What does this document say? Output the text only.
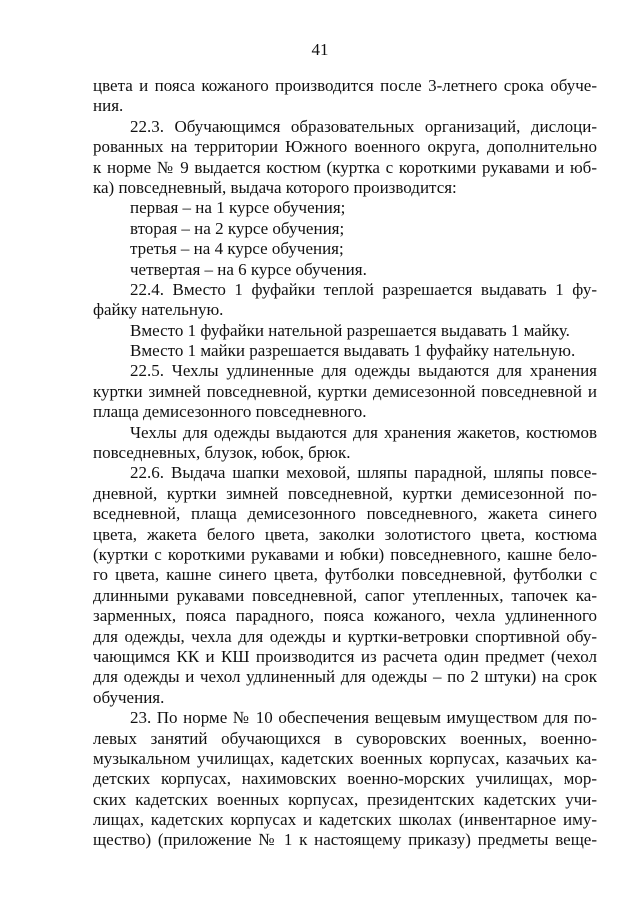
41
цвета и пояса кожаного производится после 3-летнего срока обуче-
ния.
22.3. Обучающимся образовательных организаций, дислоци-
рованных на территории Южного военного округа, дополнительно
к норме № 9 выдается костюм (куртка с короткими рукавами и юб-
ка) повседневный, выдача которого производится:
первая – на 1 курсе обучения;
вторая – на 2 курсе обучения;
третья – на 4 курсе обучения;
четвертая – на 6 курсе обучения.
22.4. Вместо 1 фуфайки теплой разрешается выдавать 1 фу-
файку нательную.
Вместо 1 фуфайки нательной разрешается выдавать 1 майку.
Вместо 1 майки разрешается выдавать 1 фуфайку нательную.
22.5. Чехлы удлиненные для одежды выдаются для хранения
куртки зимней повседневной, куртки демисезонной повседневной и
плаща демисезонного повседневного.
Чехлы для одежды выдаются для хранения жакетов, костюмов
повседневных, блузок, юбок, брюк.
22.6. Выдача шапки меховой, шляпы парадной, шляпы повсе-
дневной, куртки зимней повседневной, куртки демисезонной по-
вседневной, плаща демисезонного повседневного, жакета синего
цвета, жакета белого цвета, заколки золотистого цвета, костюма
(куртки с короткими рукавами и юбки) повседневного, кашне бело-
го цвета, кашне синего цвета, футболки повседневной, футболки с
длинными рукавами повседневной, сапог утепленных, тапочек ка-
зарменных, пояса парадного, пояса кожаного, чехла удлиненного
для одежды, чехла для одежды и куртки-ветровки спортивной обу-
чающимся КК и КШ производится из расчета один предмет (чехол
для одежды и чехол удлиненный для одежды – по 2 штуки) на срок
обучения.
23. По норме № 10 обеспечения вещевым имуществом для по-
левых занятий обучающихся в суворовских военных, военно-
музыкальном училищах, кадетских военных корпусах, казачьих ка-
детских корпусах, нахимовских военно-морских училищах, мор-
ских кадетских военных корпусах, президентских кадетских учи-
лищах, кадетских корпусах и кадетских школах (инвентарное иму-
щество) (приложение № 1 к настоящему приказу) предметы веще-
